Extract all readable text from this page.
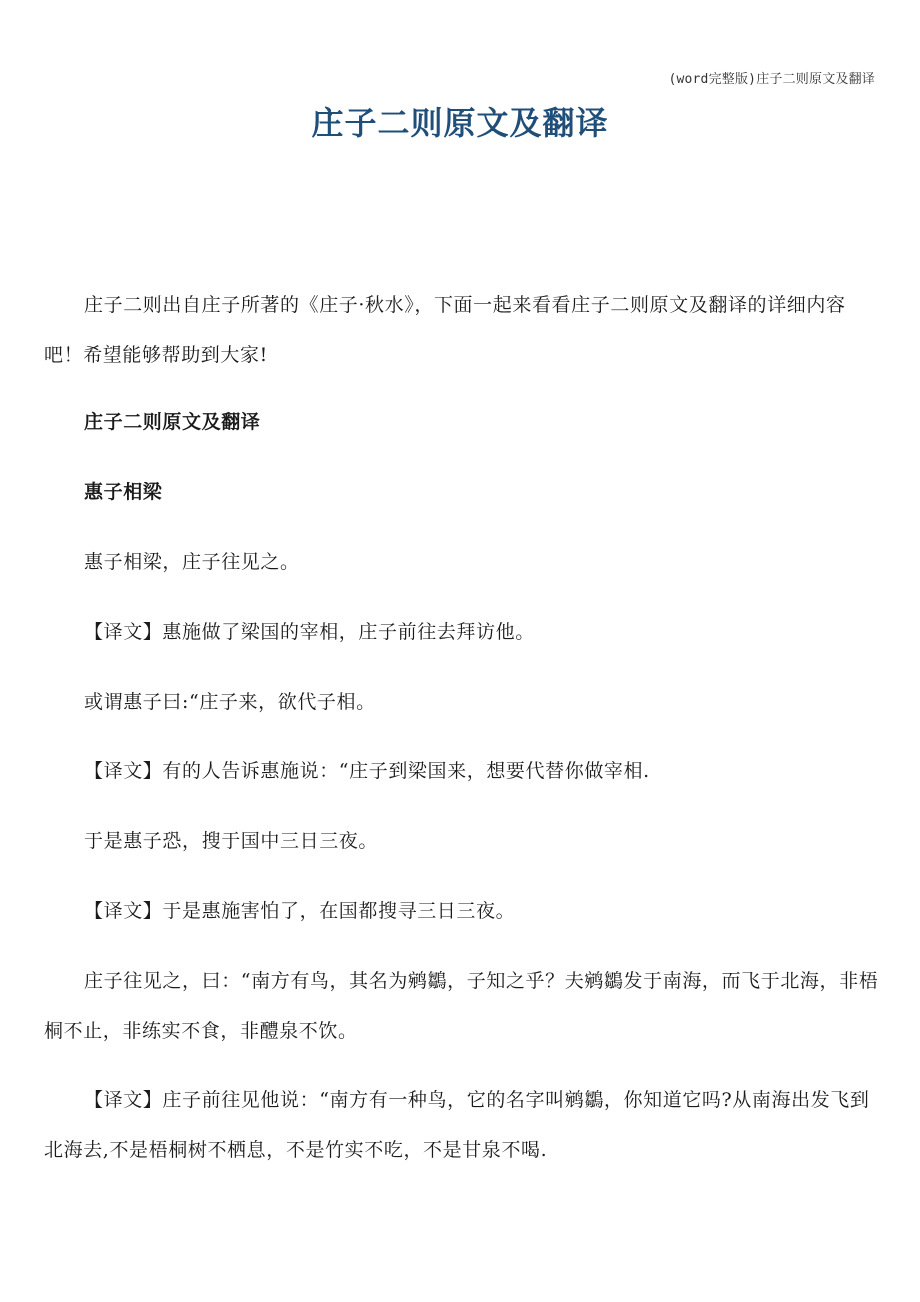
(word完整版)庄子二则原文及翻译
庄子二则原文及翻译

庄子二则出自庄子所著的《庄子·秋水》，下面一起来看看庄子二则原文及翻译的详细内容吧！希望能够帮助到大家!

庄子二则原文及翻译

惠子相梁

惠子相梁，庄子往见之。

【译文】惠施做了梁国的宰相，庄子前往去拜访他。

或谓惠子曰:“庄子来，欲代子相。

【译文】有的人告诉惠施说：“庄子到梁国来，想要代替你做宰相.

于是惠子恐，搜于国中三日三夜。

【译文】于是惠施害怕了，在国都搜寻三日三夜。

庄子往见之，曰：“南方有鸟，其名为鹓鶵，子知之乎？夫鹓鶵发于南海，而飞于北海，非梧桐不止，非练实不食，非醴泉不饮。

【译文】庄子前往见他说：“南方有一种鸟，它的名字叫鹓鶵，你知道它吗?从南海出发飞到北海去,不是梧桐树不栖息，不是竹实不吃，不是甘泉不喝.
